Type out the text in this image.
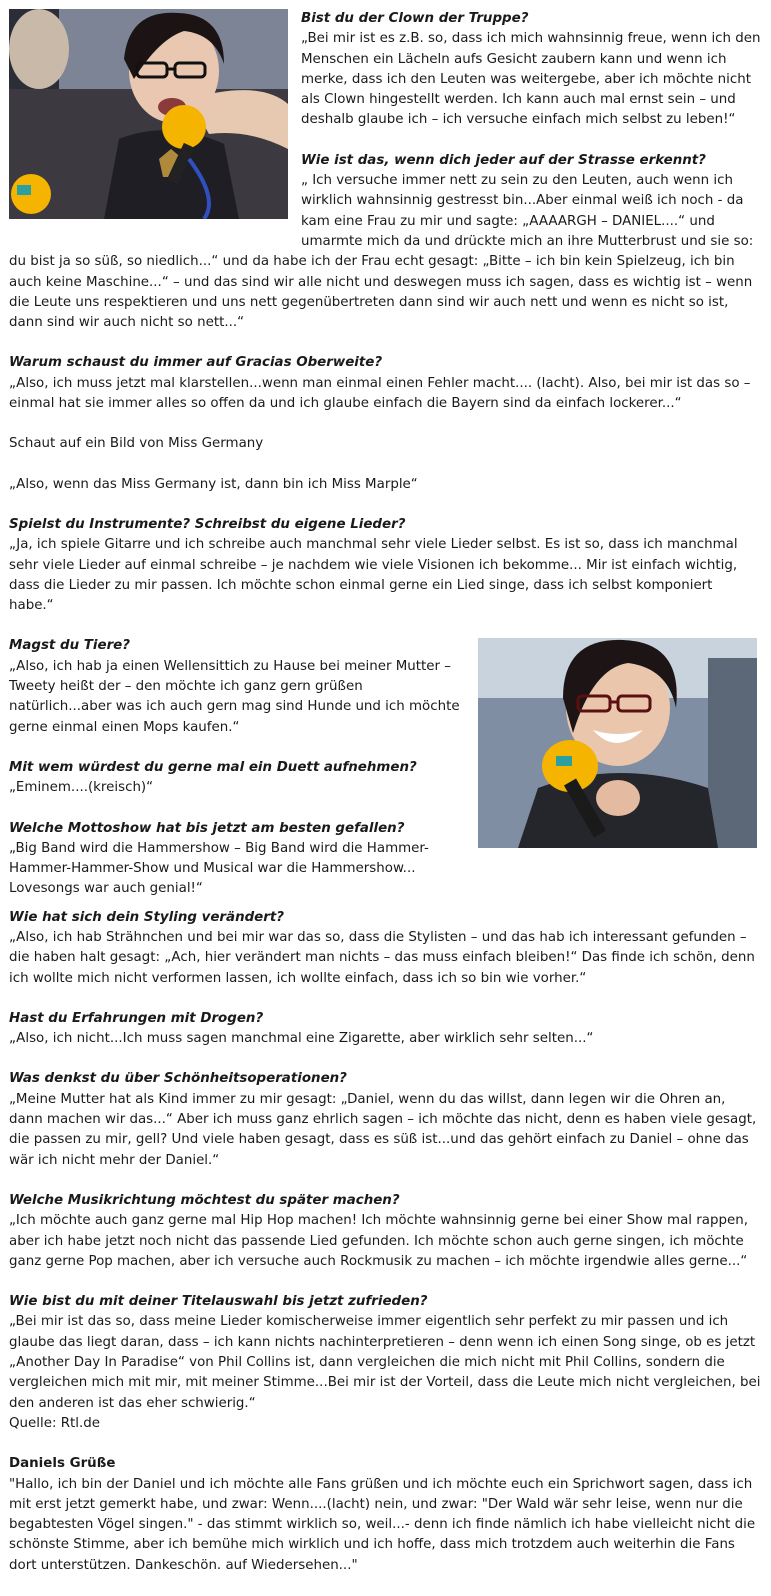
Bist du der Clown der Truppe?

„Bei mir ist es z.B. so, dass ich mich wahnsinnig freue, wenn ich den Menschen ein Lächeln aufs Gesicht zaubern kann und wenn ich merke, dass ich den Leuten was weitergebe, aber ich möchte nicht als Clown hingestellt werden. Ich kann auch mal ernst sein – und deshalb glaube ich – ich versuche einfach mich selbst zu leben!“

Wie ist das, wenn dich jeder auf der Strasse erkennt?

„ Ich versuche immer nett zu sein zu den Leuten, auch wenn ich wirklich wahnsinnig gestresst bin...Aber einmal weiß ich noch - da kam eine Frau zu mir und sagte: „AAAARGH – DANIEL....“ und umarmte mich da und drückte mich an ihre Mutterbrust und sie so: du bist ja so süß, so niedlich...“ und da habe ich der Frau echt gesagt: „Bitte – ich bin kein Spielzeug, ich bin auch keine Maschine...“ – und das sind wir alle nicht und deswegen muss ich sagen, dass es wichtig ist – wenn die Leute uns respektieren und uns nett gegenübertreten dann sind wir auch nett und wenn es nicht so ist, dann sind wir auch nicht so nett...“

Warum schaust du immer auf Gracias Oberweite?

„Also, ich muss jetzt mal klarstellen...wenn man einmal einen Fehler macht.... (lacht). Also, bei mir ist das so – einmal hat sie immer alles so offen da und ich glaube einfach die Bayern sind da einfach lockerer...“

Schaut auf ein Bild von Miss Germany

„Also, wenn das Miss Germany ist, dann bin ich Miss Marple“

Spielst du Instrumente? Schreibst du eigene Lieder?

„Ja, ich spiele Gitarre und ich schreibe auch manchmal sehr viele Lieder selbst. Es ist so, dass ich manchmal sehr viele Lieder auf einmal schreibe – je nachdem wie viele Visionen ich bekomme... Mir ist einfach wichtig, dass die Lieder zu mir passen. Ich möchte schon einmal gerne ein Lied singe, dass ich selbst komponiert habe.“

Magst du Tiere?

„Also, ich hab ja einen Wellensittich zu Hause bei meiner Mutter – Tweety heißt der – den möchte ich ganz gern grüßen natürlich...aber was ich auch gern mag sind Hunde und ich möchte gerne einmal einen Mops kaufen.“

Mit wem würdest du gerne mal ein Duett aufnehmen?

„Eminem....(kreisch)“

Welche Mottoshow hat bis jetzt am besten gefallen?

„Big Band wird die Hammershow – Big Band wird die Hammer-Hammer-Hammer-Show und Musical war die Hammershow... Lovesongs war auch genial!“

Wie hat sich dein Styling verändert?

„Also, ich hab Strähnchen und bei mir war das so, dass die Stylisten – und das hab ich interessant gefunden – die haben halt gesagt: „Ach, hier verändert man nichts – das muss einfach bleiben!“ Das finde ich schön, denn ich wollte mich nicht verformen lassen, ich wollte einfach, dass ich so bin wie vorher.“

Hast du Erfahrungen mit Drogen?

„Also, ich nicht...Ich muss sagen manchmal eine Zigarette, aber wirklich sehr selten...“

Was denkst du über Schönheitsoperationen?

„Meine Mutter hat als Kind immer zu mir gesagt: „Daniel, wenn du das willst, dann legen wir die Ohren an, dann machen wir das...“ Aber ich muss ganz ehrlich sagen – ich möchte das nicht, denn es haben viele gesagt, die passen zu mir, gell? Und viele haben gesagt, dass es süß ist...und das gehört einfach zu Daniel – ohne das wär ich nicht mehr der Daniel.“

Welche Musikrichtung möchtest du später machen?

„Ich möchte auch ganz gerne mal Hip Hop machen! Ich möchte wahnsinnig gerne bei einer Show mal rappen, aber ich habe jetzt noch nicht das passende Lied gefunden. Ich möchte schon auch gerne singen, ich möchte ganz gerne Pop machen, aber ich versuche auch Rockmusik zu machen – ich möchte irgendwie alles gerne...“

Wie bist du mit deiner Titelauswahl bis jetzt zufrieden?

„Bei mir ist das so, dass meine Lieder komischerweise immer eigentlich sehr perfekt zu mir passen und ich glaube das liegt daran, dass – ich kann nichts nachinterpretieren – denn wenn ich einen Song singe, ob es jetzt „Another Day In Paradise“ von Phil Collins ist, dann vergleichen die mich nicht mit Phil Collins, sondern die vergleichen mich mit mir, mit meiner Stimme...Bei mir ist der Vorteil, dass die Leute mich nicht vergleichen, bei den anderen ist das eher schwierig.“

Quelle: Rtl.de

Daniels Grüße

"Hallo, ich bin der Daniel und ich möchte alle Fans grüßen und ich möchte euch ein Sprichwort sagen, dass ich mit erst jetzt gemerkt habe, und zwar: Wenn....(lacht) nein, und zwar: "Der Wald wär sehr leise, wenn nur die begabtesten Vögel singen." - das stimmt wirklich so, weil...- denn ich finde nämlich ich habe vielleicht nicht die schönste Stimme, aber ich bemühe mich wirklich und ich hoffe, dass mich trotzdem auch weiterhin die Fans dort unterstützen. Dankeschön. auf Wiedersehen..."
